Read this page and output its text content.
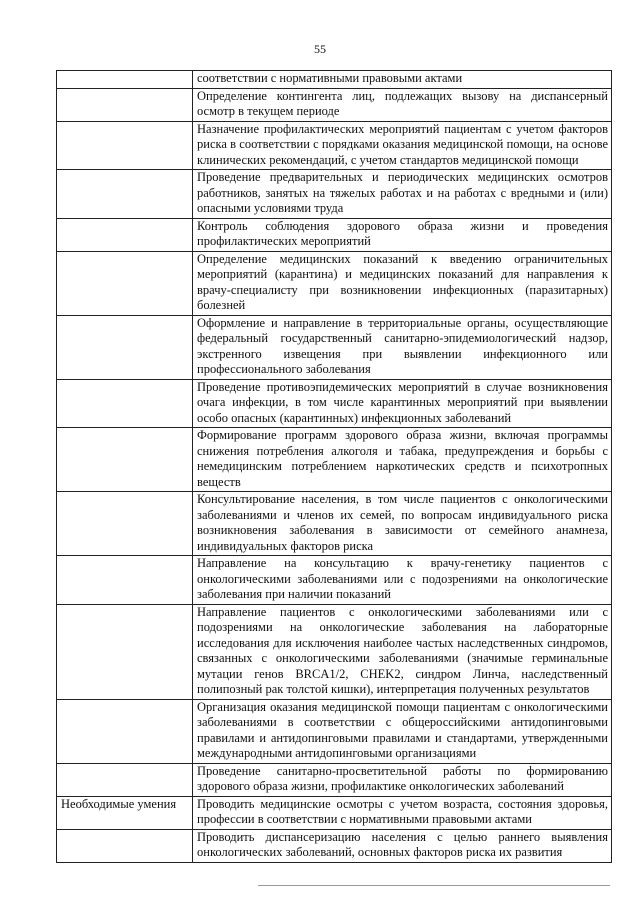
55
	соответствии с нормативными правовыми актами
	Определение контингента лиц, подлежащих вызову на диспансерный осмотр в текущем периоде
	Назначение профилактических мероприятий пациентам с учетом факторов риска в соответствии с порядками оказания медицинской помощи, на основе клинических рекомендаций, с учетом стандартов медицинской помощи
	Проведение предварительных и периодических медицинских осмотров работников, занятых на тяжелых работах и на работах с вредными и (или) опасными условиями труда
	Контроль соблюдения здорового образа жизни и проведения профилактических мероприятий
	Определение медицинских показаний к введению ограничительных мероприятий (карантина) и медицинских показаний для направления к врачу-специалисту при возникновении инфекционных (паразитарных) болезней
	Оформление и направление в территориальные органы, осуществляющие федеральный государственный санитарно-эпидемиологический надзор, экстренного извещения при выявлении инфекционного или профессионального заболевания
	Проведение противоэпидемических мероприятий в случае возникновения очага инфекции, в том числе карантинных мероприятий при выявлении особо опасных (карантинных) инфекционных заболеваний
	Формирование программ здорового образа жизни, включая программы снижения потребления алкоголя и табака, предупреждения и борьбы с немедицинским потреблением наркотических средств и психотропных веществ
	Консультирование населения, в том числе пациентов с онкологическими заболеваниями и членов их семей, по вопросам индивидуального риска возникновения заболевания в зависимости от семейного анамнеза, индивидуальных факторов риска
	Направление на консультацию к врачу-генетику пациентов с онкологическими заболеваниями или с подозрениями на онкологические заболевания при наличии показаний
	Направление пациентов с онкологическими заболеваниями или с подозрениями на онкологические заболевания на лабораторные исследования для исключения наиболее частых наследственных синдромов, связанных с онкологическими заболеваниями (значимые герминальные мутации генов BRCA1/2, CHEK2, синдром Линча, наследственный полипозный рак толстой кишки), интерпретация полученных результатов
	Организация оказания медицинской помощи пациентам с онкологическими заболеваниями в соответствии с общероссийскими антидопинговыми правилами и антидопинговыми правилами и стандартами, утвержденными международными антидопинговыми организациями
	Проведение санитарно-просветительной работы по формированию здорового образа жизни, профилактике онкологических заболеваний
Необходимые умения	Проводить медицинские осмотры с учетом возраста, состояния здоровья, профессии в соответствии с нормативными правовыми актами
	Проводить диспансеризацию населения с целью раннего выявления онкологических заболеваний, основных факторов риска их развития
